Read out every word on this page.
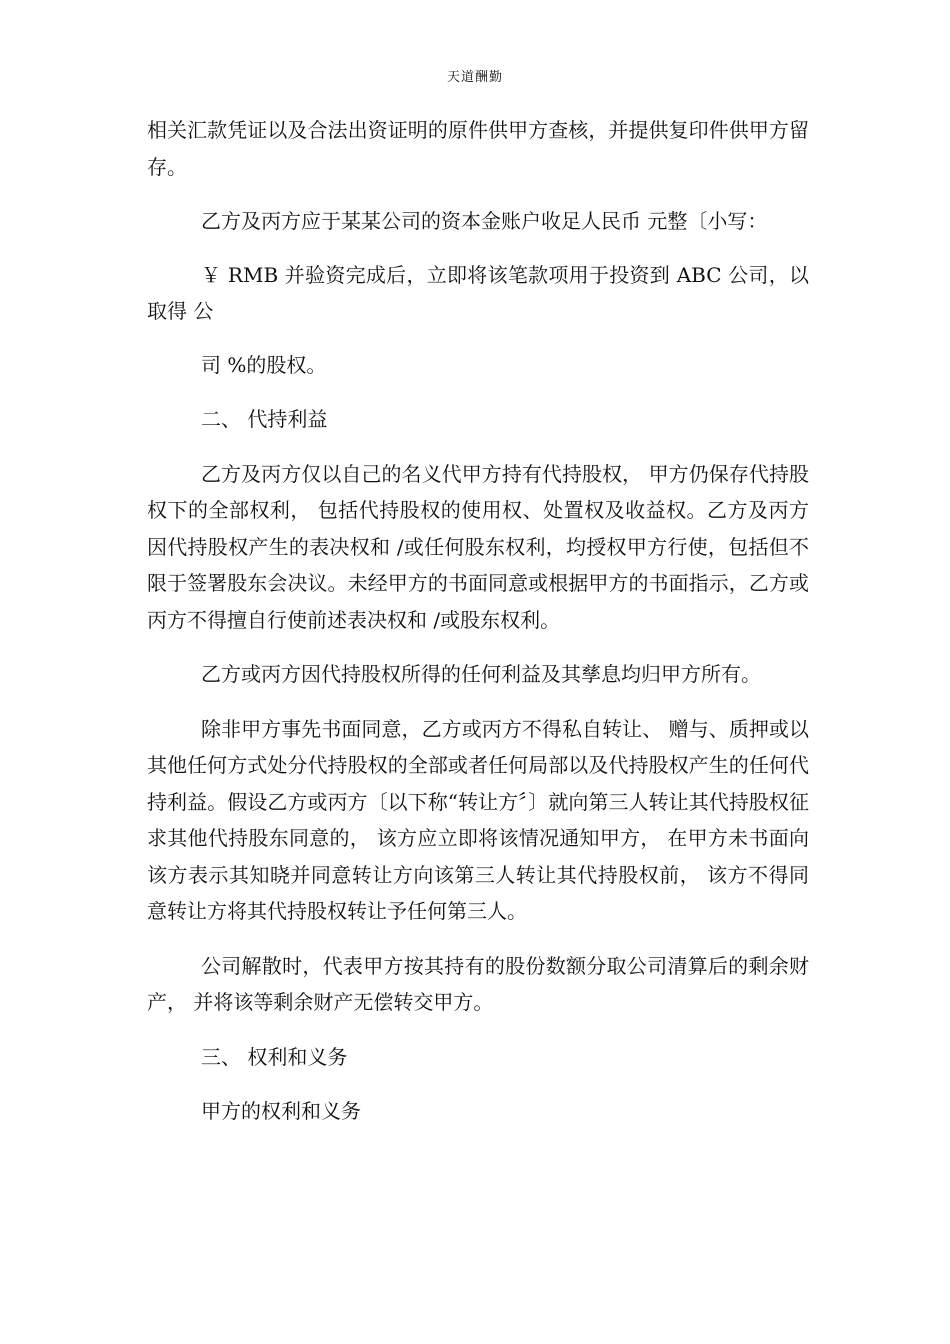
天道酬勤

相关汇款凭证以及合法出资证明的原件供甲方查核，并提供复印件供甲方留存。

乙方及丙方应于某某公司的资本金账户收足人民币 元整〔小写：

￥ RMB 并验资完成后，立即将该笔款项用于投资到 ABC 公司，以取得 公

司 %的股权。

二、 代持利益

乙方及丙方仅以自己的名义代甲方持有代持股权， 甲方仍保存代持股权下的全部权利， 包括代持股权的使用权、处置权及收益权。乙方及丙方因代持股权产生的表决权和 /或任何股东权利，均授权甲方行使，包括但不限于签署股东会决议。未经甲方的书面同意或根据甲方的书面指示，乙方或丙方不得擅自行使前述表决权和 /或股东权利。

乙方或丙方因代持股权所得的任何利益及其孳息均归甲方所有。

除非甲方事先书面同意，乙方或丙方不得私自转让、 赠与、质押或以其他任何方式处分代持股权的全部或者任何局部以及代持股权产生的任何代持利益。假设乙方或丙方〔以下称“转让方〞〕就向第三人转让其代持股权征求其他代持股东同意的， 该方应立即将该情况通知甲方， 在甲方未书面向该方表示其知晓并同意转让方向该第三人转让其代持股权前， 该方不得同意转让方将其代持股权转让予任何第三人。

公司解散时，代表甲方按其持有的股份数额分取公司清算后的剩余财产， 并将该等剩余财产无偿转交甲方。

三、 权利和义务

甲方的权利和义务
